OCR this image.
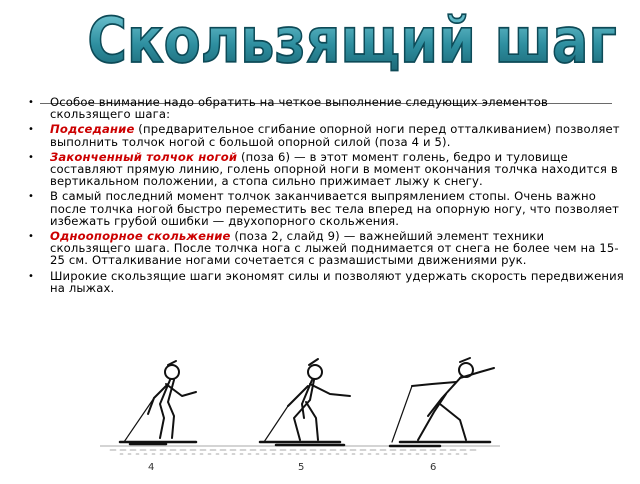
Скользящий шаг
• Особое внимание надо обратить на четкое выполнение следующих элементов скользящего шага:
• Подседание (предварительное сгибание опорной ноги перед отталкиванием) позволяет выполнить толчок ногой с большой опорной силой (поза 4 и 5).
• Законченный толчок ногой (поза 6) — в этот момент голень, бедро и туловище составляют прямую линию, голень опорной ноги в момент окончания толчка находится в вертикальном положении, а стопа сильно прижимает лыжу к снегу.
• В самый последний момент толчок заканчивается выпрямлением стопы. Очень важно после толчка ногой быстро переместить вес тела вперед на опорную ногу, что позволяет избежать грубой ошибки — двухопорного скольжения.
• Одноопорное скольжение (поза 2, слайд 9) — важнейший элемент техники скользящего шага. После толчка нога с лыжей поднимается от снега не более чем на 15-25 см. Отталкивание ногами сочетается с размашистыми движениями рук.
• Широкие скользящие шаги экономят силы и позволяют удержать скорость передвижения на лыжах.
4	5	6
